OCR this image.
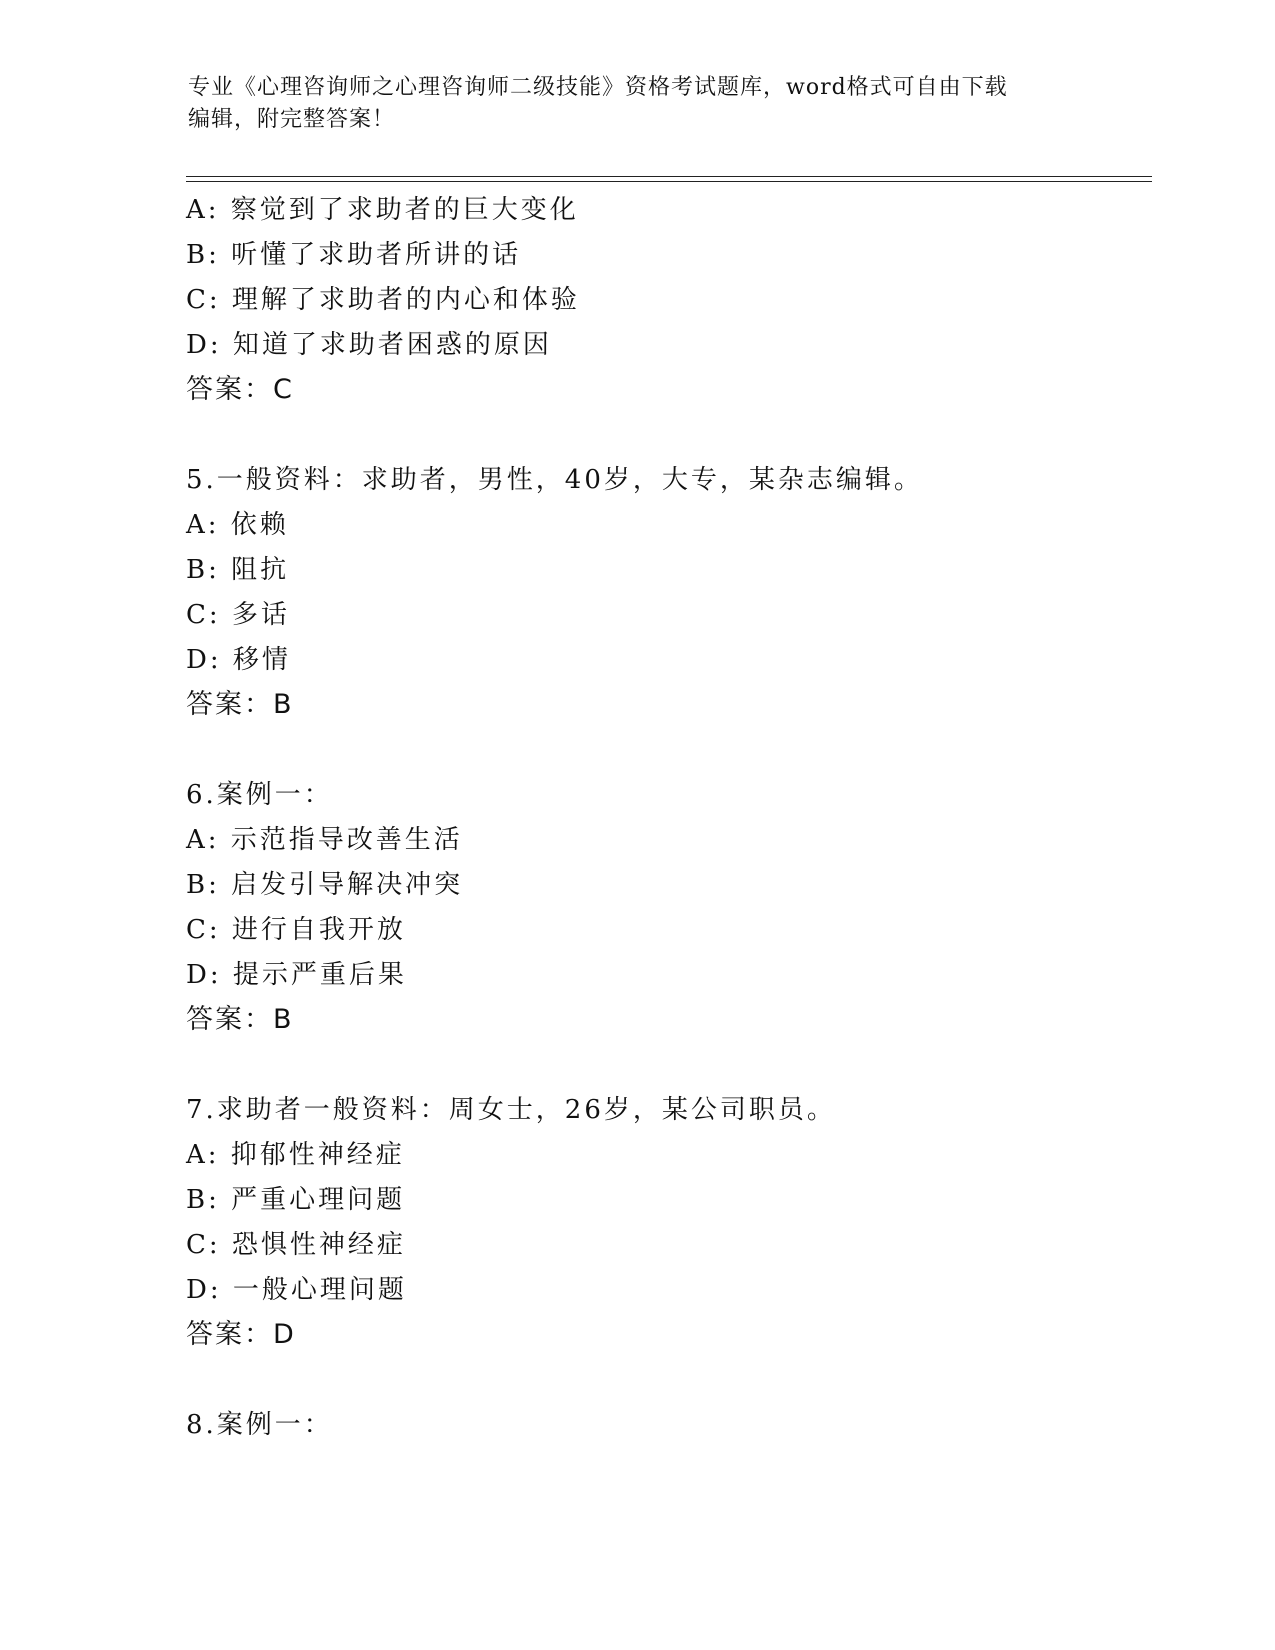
专业《心理咨询师之心理咨询师二级技能》资格考试题库，word格式可自由下载
编辑，附完整答案！
A: 察觉到了求助者的巨大变化
B: 听懂了求助者所讲的话
C: 理解了求助者的内心和体验
D: 知道了求助者困惑的原因
答案：C
5.一般资料：求助者，男性，40岁，大专，某杂志编辑。
A: 依赖
B: 阻抗
C: 多话
D: 移情
答案：B
6.案例一：
A: 示范指导改善生活
B: 启发引导解决冲突
C: 进行自我开放
D: 提示严重后果
答案：B
7.求助者一般资料：周女士，26岁，某公司职员。
A: 抑郁性神经症
B: 严重心理问题
C: 恐惧性神经症
D: 一般心理问题
答案：D
8.案例一：
